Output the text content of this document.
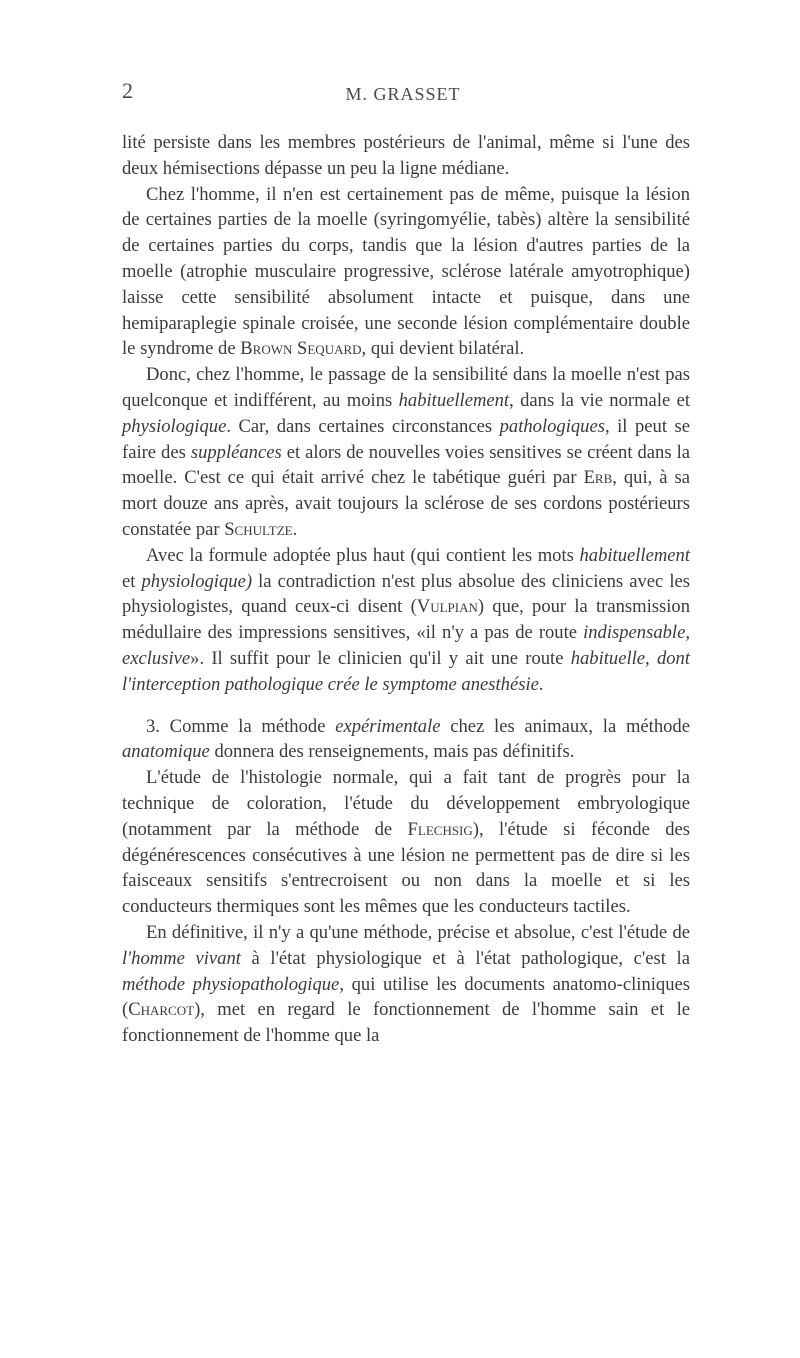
2	M. GRASSET

lité persiste dans les membres postérieurs de l'animal, même si l'une des deux hémisections dépasse un peu la ligne médiane.

Chez l'homme, il n'en est certainement pas de même, puisque la lésion de certaines parties de la moelle (syringomyélie, tabès) altère la sensibilité de certaines parties du corps, tandis que la lésion d'autres parties de la moelle (atrophie musculaire progressive, sclérose latérale amyotrophique) laisse cette sensibilité absolument intacte et puisque, dans une hemiparaplegie spinale croisée, une seconde lésion complémentaire double le syndrome de Brown Sequard, qui devient bilatéral.

Donc, chez l'homme, le passage de la sensibilité dans la moelle n'est pas quelconque et indifférent, au moins habituellement, dans la vie normale et physiologique. Car, dans certaines circonstances pathologiques, il peut se faire des suppléances et alors de nouvelles voies sensitives se créent dans la moelle. C'est ce qui était arrivé chez le tabétique guéri par Erb, qui, à sa mort douze ans après, avait toujours la sclérose de ses cordons postérieurs constatée par Schultze.

Avec la formule adoptée plus haut (qui contient les mots habituellement et physiologique) la contradiction n'est plus absolue des cliniciens avec les physiologistes, quand ceux-ci disent (Vulpian) que, pour la transmission médullaire des impressions sensitives, «il n'y a pas de route indispensable, exclusive». Il suffit pour le clinicien qu'il y ait une route habituelle, dont l'interception pathologique crée le symptome anesthésie.

3. Comme la méthode expérimentale chez les animaux, la méthode anatomique donnera des renseignements, mais pas définitifs.

L'étude de l'histologie normale, qui a fait tant de progrès pour la technique de coloration, l'étude du développement embryologique (notamment par la méthode de Flechsig), l'étude si féconde des dégénérescences consécutives à une lésion ne permettent pas de dire si les faisceaux sensitifs s'entrecroisent ou non dans la moelle et si les conducteurs thermiques sont les mêmes que les conducteurs tactiles.

En définitive, il n'y a qu'une méthode, précise et absolue, c'est l'étude de l'homme vivant à l'état physiologique et à l'état pathologique, c'est la méthode physiopathologique, qui utilise les documents anatomo-cliniques (Charcot), met en regard le fonctionnement de l'homme sain et le fonctionnement de l'homme que la
